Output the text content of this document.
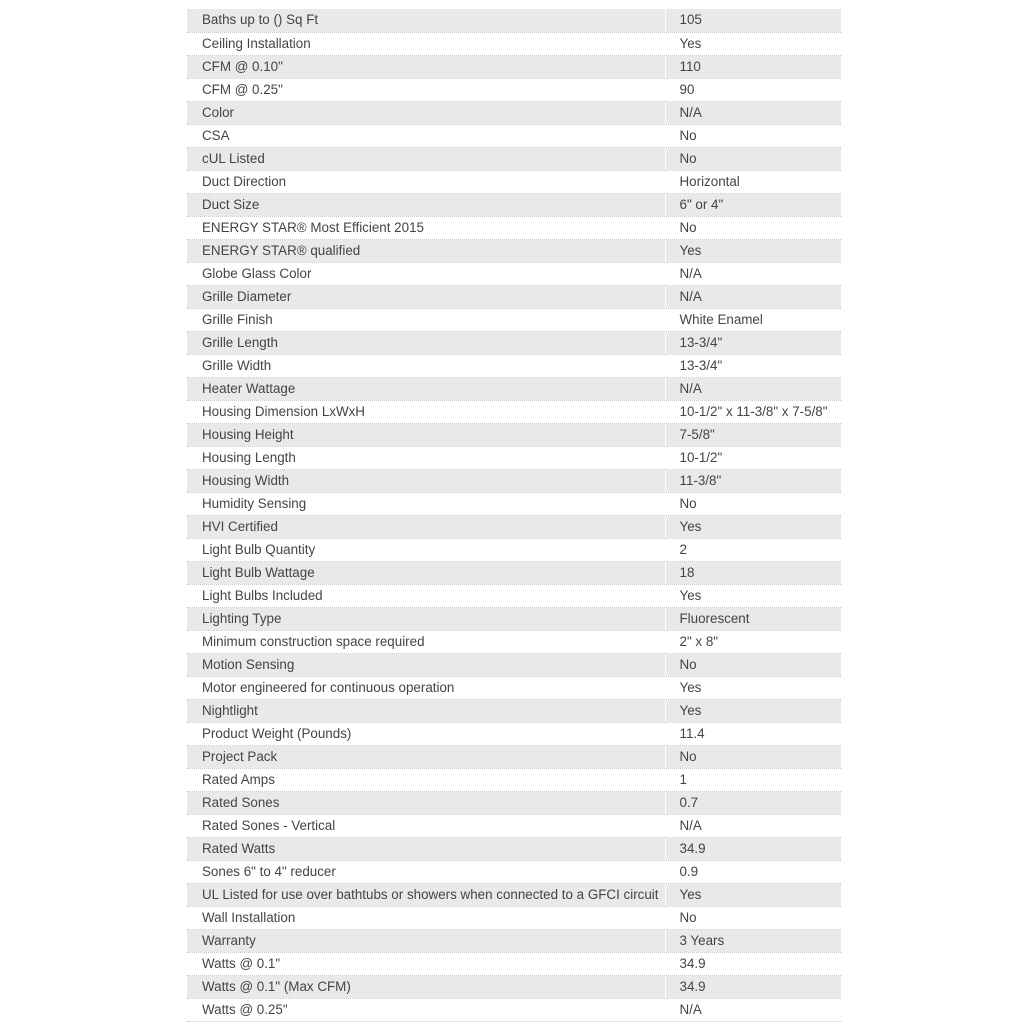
Baths up to () Sq Ft	105
Ceiling Installation	Yes
CFM @ 0.10"	110
CFM @ 0.25"	90
Color	N/A
CSA	No
cUL Listed	No
Duct Direction	Horizontal
Duct Size	6" or 4"
ENERGY STAR® Most Efficient 2015	No
ENERGY STAR® qualified	Yes
Globe Glass Color	N/A
Grille Diameter	N/A
Grille Finish	White Enamel
Grille Length	13-3/4"
Grille Width	13-3/4"
Heater Wattage	N/A
Housing Dimension LxWxH	10-1/2" x 11-3/8" x 7-5/8"
Housing Height	7-5/8"
Housing Length	10-1/2"
Housing Width	11-3/8"
Humidity Sensing	No
HVI Certified	Yes
Light Bulb Quantity	2
Light Bulb Wattage	18
Light Bulbs Included	Yes
Lighting Type	Fluorescent
Minimum construction space required	2" x 8"
Motion Sensing	No
Motor engineered for continuous operation	Yes
Nightlight	Yes
Product Weight (Pounds)	11.4
Project Pack	No
Rated Amps	1
Rated Sones	0.7
Rated Sones - Vertical	N/A
Rated Watts	34.9
Sones 6" to 4" reducer	0.9
UL Listed for use over bathtubs or showers when connected to a GFCI circuit	Yes
Wall Installation	No
Warranty	3 Years
Watts @ 0.1"	34.9
Watts @ 0.1" (Max CFM)	34.9
Watts @ 0.25"	N/A
